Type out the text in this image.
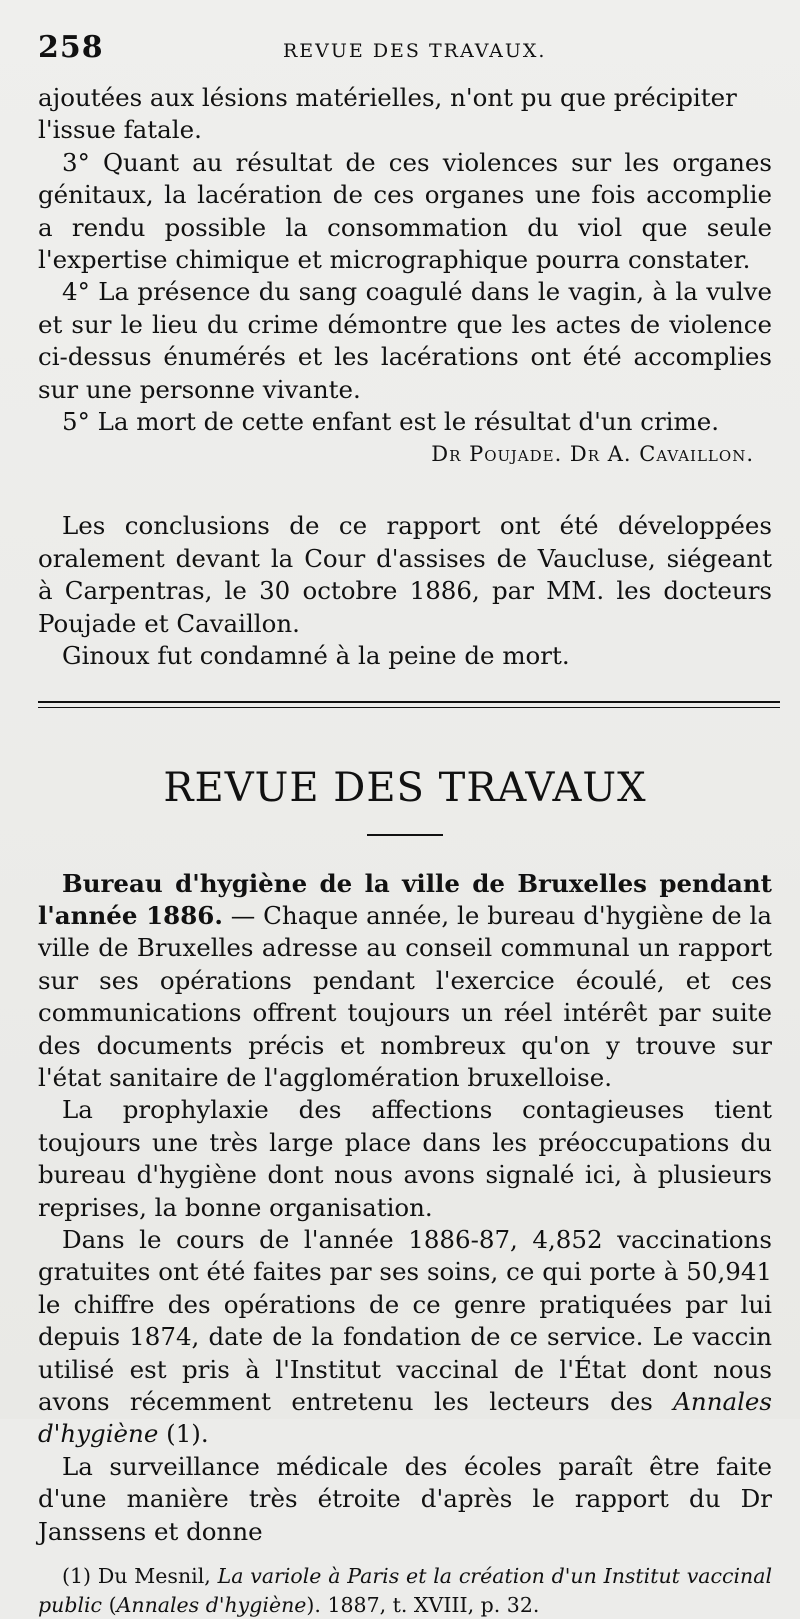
258	REVUE DES TRAVAUX.

ajoutées aux lésions matérielles, n'ont pu que précipiter l'issue fatale.

3° Quant au résultat de ces violences sur les organes génitaux, la lacération de ces organes une fois accomplie a rendu possible la consommation du viol que seule l'expertise chimique et micrographique pourra constater.

4° La présence du sang coagulé dans le vagin, à la vulve et sur le lieu du crime démontre que les actes de violence ci-dessus énumérés et les lacérations ont été accomplies sur une personne vivante.

5° La mort de cette enfant est le résultat d'un crime.

Dr Poujade. Dr A. Cavaillon.

Les conclusions de ce rapport ont été développées oralement devant la Cour d'assises de Vaucluse, siégeant à Carpentras, le 30 octobre 1886, par MM. les docteurs Poujade et Cavaillon.

Ginoux fut condamné à la peine de mort.

REVUE DES TRAVAUX

Bureau d'hygiène de la ville de Bruxelles pendant l'année 1886. — Chaque année, le bureau d'hygiène de la ville de Bruxelles adresse au conseil communal un rapport sur ses opérations pendant l'exercice écoulé, et ces communications offrent toujours un réel intérêt par suite des documents précis et nombreux qu'on y trouve sur l'état sanitaire de l'agglomération bruxelloise.

La prophylaxie des affections contagieuses tient toujours une très large place dans les préoccupations du bureau d'hygiène dont nous avons signalé ici, à plusieurs reprises, la bonne organisation.

Dans le cours de l'année 1886-87, 4,852 vaccinations gratuites ont été faites par ses soins, ce qui porte à 50,941 le chiffre des opérations de ce genre pratiquées par lui depuis 1874, date de la fondation de ce service. Le vaccin utilisé est pris à l'Institut vaccinal de l'État dont nous avons récemment entretenu les lecteurs des Annales d'hygiène (1).

La surveillance médicale des écoles paraît être faite d'une manière très étroite d'après le rapport du Dr Janssens et donne

(1) Du Mesnil, La variole à Paris et la création d'un Institut vaccinal public (Annales d'hygiène). 1887, t. XVIII, p. 32.
